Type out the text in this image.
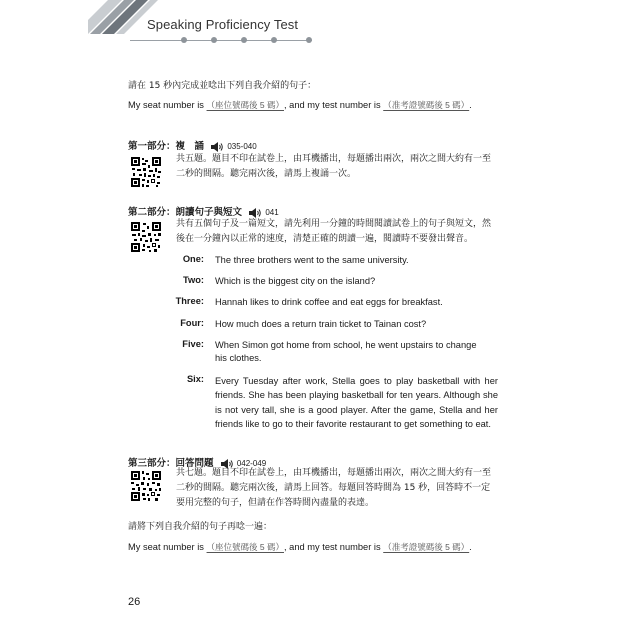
Speaking Proficiency Test
請在 15 秒內完成並唸出下列自我介紹的句子：
My seat number is （座位號碼後 5 碼）, and my test number is （准考證號碼後 5 碼）.
第一部分：複　誦	035-040
共五題。題目不印在試卷上，由耳機播出，每題播出兩次，兩次之間大約有一至
二秒的間隔。聽完兩次後，請馬上複誦一次。
第二部分：朗讀句子與短文	041
共有五個句子及一篇短文，請先利用一分鐘的時間閱讀試卷上的句子與短文，然
後在一分鐘內以正常的速度，清楚正確的朗讀一遍，閱讀時不要發出聲音。
One: The three brothers went to the same university.
Two: Which is the biggest city on the island?
Three: Hannah likes to drink coffee and eat eggs for breakfast.
Four: How much does a return train ticket to Tainan cost?
Five: When Simon got home from school, he went upstairs to change his clothes.
Six: Every Tuesday after work, Stella goes to play basketball with her friends. She has been playing basketball for ten years. Although she is not very tall, she is a good player. After the game, Stella and her friends like to go to their favorite restaurant to get something to eat.
第三部分：回答問題	042-049
共七題。題目不印在試卷上，由耳機播出，每題播出兩次，兩次之間大約有一至
二秒的間隔。聽完兩次後，請馬上回答。每題回答時間為 15 秒，回答時不一定
要用完整的句子，但請在作答時間內盡量的表達。
請將下列自我介紹的句子再唸一遍：
My seat number is （座位號碼後 5 碼）, and my test number is （准考證號碼後 5 碼）.
26
